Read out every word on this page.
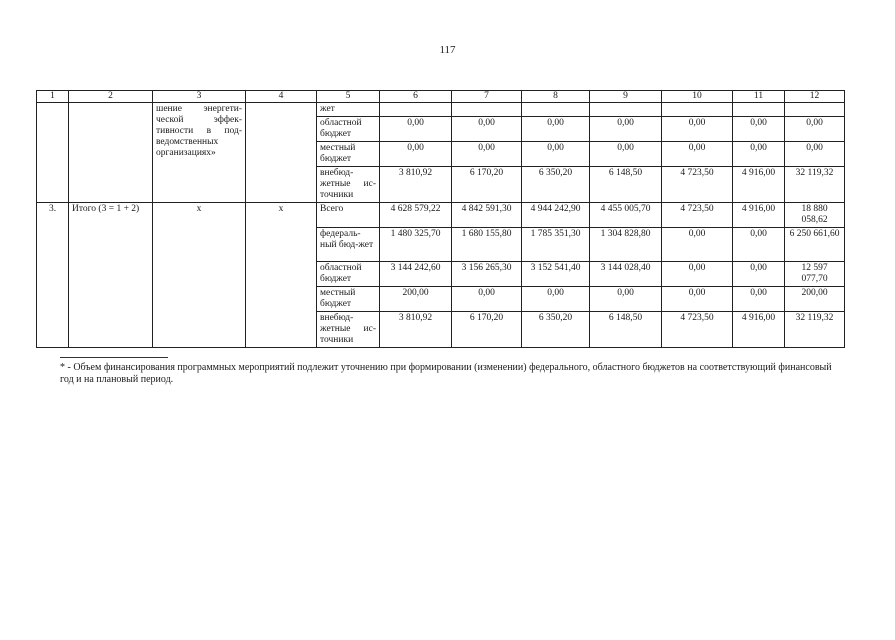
117
1	2	3	4	5	6	7	8	9	10	11	12
		шение энергети-ческой эффек-тивности в под-ведомственных организациях»		жет							
				областной бюджет	0,00	0,00	0,00	0,00	0,00	0,00	0,00
				местный бюджет	0,00	0,00	0,00	0,00	0,00	0,00	0,00
				внебюд-жетные ис-точники	3 810,92	6 170,20	6 350,20	6 148,50	4 723,50	4 916,00	32 119,32
3.	Итого (3 = 1 + 2)	х	х	Всего	4 628 579,22	4 842 591,30	4 944 242,90	4 455 005,70	4 723,50	4 916,00	18 880 058,62
				федераль-ный бюд-жет	1 480 325,70	1 680 155,80	1 785 351,30	1 304 828,80	0,00	0,00	6 250 661,60
				областной бюджет	3 144 242,60	3 156 265,30	3 152 541,40	3 144 028,40	0,00	0,00	12 597 077,70
				местный бюджет	200,00	0,00	0,00	0,00	0,00	0,00	200,00
				внебюд-жетные ис-точники	3 810,92	6 170,20	6 350,20	6 148,50	4 723,50	4 916,00	32 119,32
* - Объем финансирования программных мероприятий подлежит уточнению при формировании (изменении) федерального, областного бюджетов на соответствующий финансовый год и на плановый период.
